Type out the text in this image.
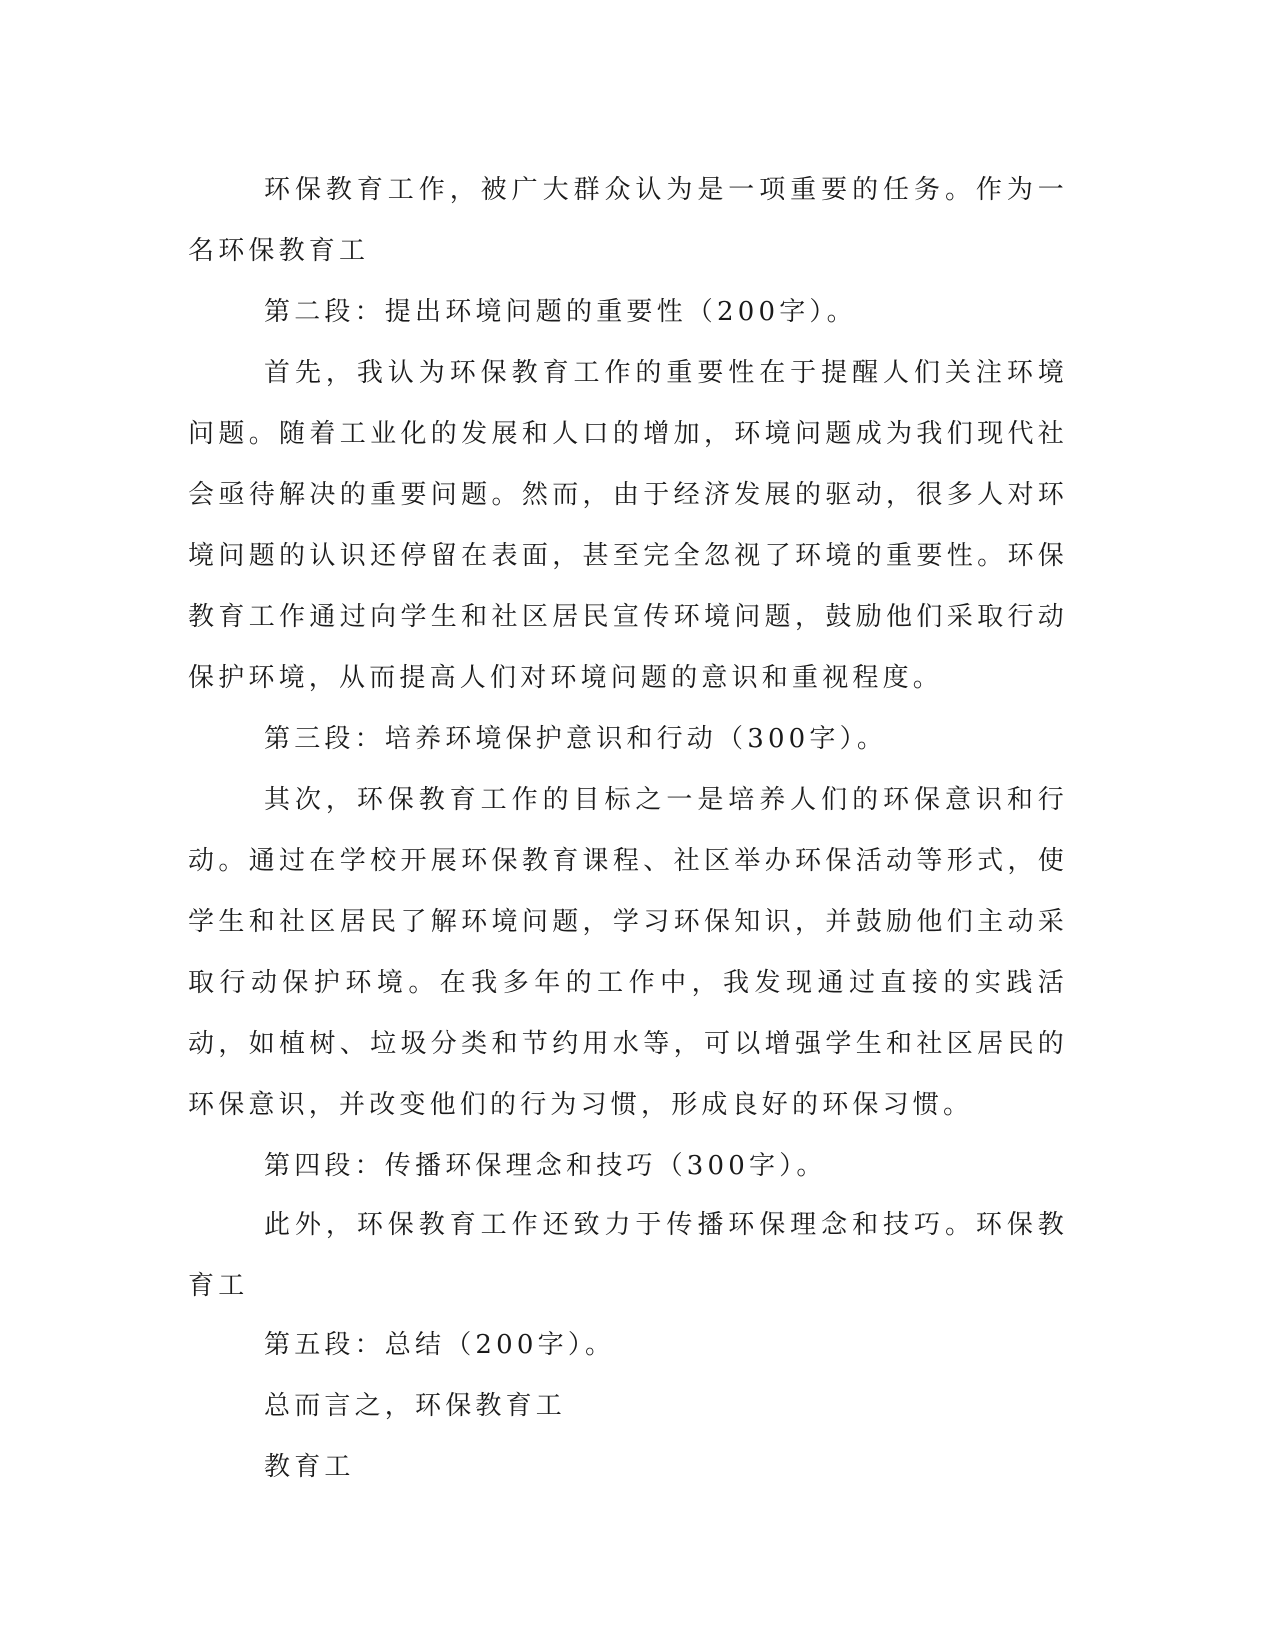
环保教育工作，被广大群众认为是一项重要的任务。作为一名环保教育工

第二段：提出环境问题的重要性（200字）。

首先，我认为环保教育工作的重要性在于提醒人们关注环境问题。随着工业化的发展和人口的增加，环境问题成为我们现代社会亟待解决的重要问题。然而，由于经济发展的驱动，很多人对环境问题的认识还停留在表面，甚至完全忽视了环境的重要性。环保教育工作通过向学生和社区居民宣传环境问题，鼓励他们采取行动保护环境，从而提高人们对环境问题的意识和重视程度。

第三段：培养环境保护意识和行动（300字）。

其次，环保教育工作的目标之一是培养人们的环保意识和行动。通过在学校开展环保教育课程、社区举办环保活动等形式，使学生和社区居民了解环境问题，学习环保知识，并鼓励他们主动采取行动保护环境。在我多年的工作中，我发现通过直接的实践活动，如植树、垃圾分类和节约用水等，可以增强学生和社区居民的环保意识，并改变他们的行为习惯，形成良好的环保习惯。

第四段：传播环保理念和技巧（300字）。

此外，环保教育工作还致力于传播环保理念和技巧。环保教育工

第五段：总结（200字）。

总而言之，环保教育工

教育工
